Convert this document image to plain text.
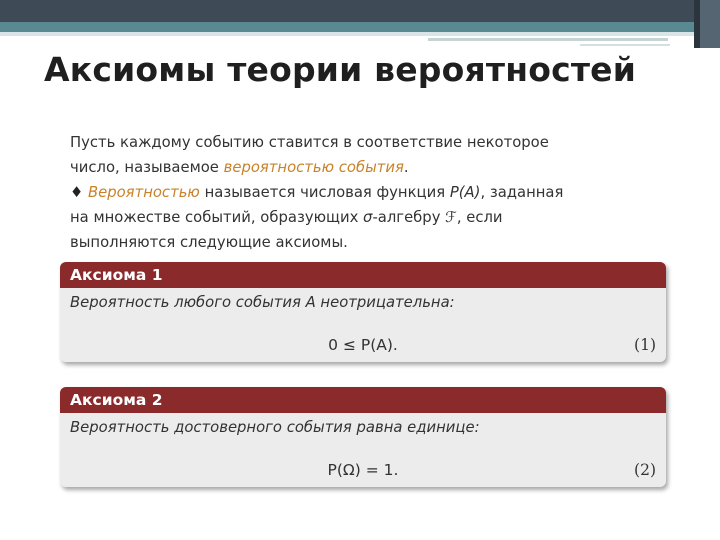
Аксиомы теории вероятностей
Пусть каждому событию ставится в соответствие некоторое
число, называемое вероятностью события.
♦ Вероятностью называется числовая функция P(A), заданная
на множестве событий, образующих σ-алгебру ℱ, если
выполняются следующие аксиомы.
Аксиома 1
Вероятность любого события A неотрицательна:
0 ≤ P(A).	(1)
Аксиома 2
Вероятность достоверного события равна единице:
P(Ω) = 1.	(2)
